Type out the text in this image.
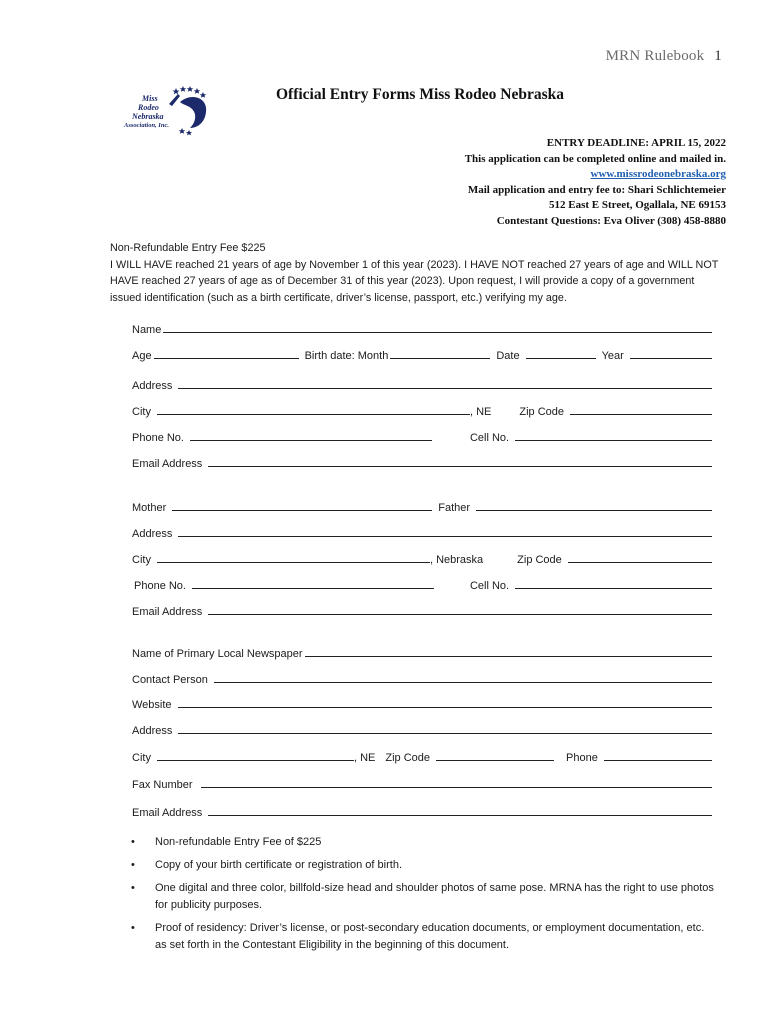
MRN Rulebook 1
Miss
Rodeo
Nebraska
Association, Inc.
Official Entry Forms Miss Rodeo Nebraska
ENTRY DEADLINE: APRIL 15, 2022
This application can be completed online and mailed in.
www.missrodeonebraska.org
Mail application and entry fee to: Shari Schlichtemeier
512 East E Street, Ogallala, NE 69153
Contestant Questions: Eva Oliver (308) 458-8880
Non-Refundable Entry Fee $225
I WILL HAVE reached 21 years of age by November 1 of this year (2023). I HAVE NOT reached 27 years of age and WILL NOT HAVE reached 27 years of age as of December 31 of this year (2023). Upon request, I will provide a copy of a government issued identification (such as a birth certificate, driver’s license, passport, etc.) verifying my age.
Name
Age	Birth date: Month	Date	Year
Address
City	, NE	Zip Code
Phone No.	Cell No.
Email Address
Mother	Father
Address
City	, Nebraska	Zip Code
Phone No.	Cell No.
Email Address
Name of Primary Local Newspaper
Contact Person
Website
Address
City	, NE Zip Code	Phone
Fax Number
Email Address
• Non-refundable Entry Fee of $225
• Copy of your birth certificate or registration of birth.
• One digital and three color, billfold-size head and shoulder photos of same pose. MRNA has the right to use photos for publicity purposes.
• Proof of residency: Driver’s license, or post-secondary education documents, or employment documentation, etc. as set forth in the Contestant Eligibility in the beginning of this document.
